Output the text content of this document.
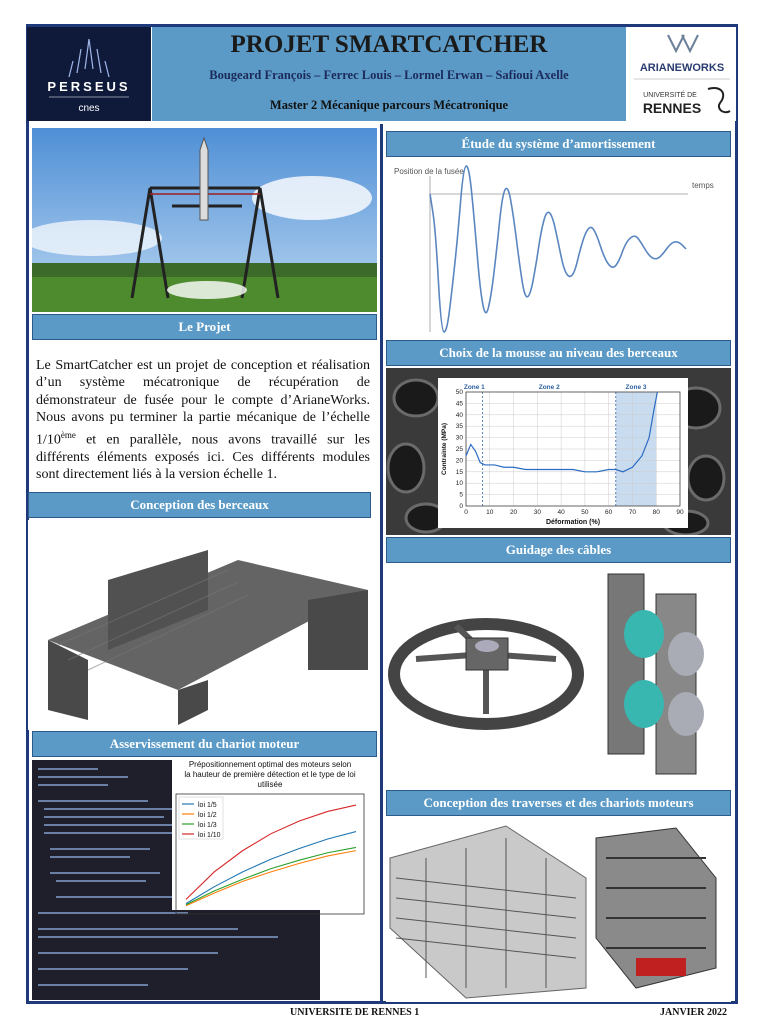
PERSEUS
cnes
PROJET SMARTCATCHER
Bougeard François – Ferrec Louis – Lormel Erwan – Safioui Axelle
Master 2 Mécanique parcours Mécatronique
ARIANEWORKS
UNIVERSITÉ DE
RENNES
Le Projet
Le SmartCatcher est un projet de conception et réalisation d’un système mécatronique de récupération de démonstrateur de fusée pour le compte d’ArianeWorks. Nous avons pu terminer la partie mécanique de l’échelle 1/10ème et en parallèle, nous avons travaillé sur les différents éléments exposés ici. Ces différents modules sont directement liés à la version échelle 1.
Conception des berceaux
Asservissement du chariot moteur
Prépositionnement optimal des moteurs selon
la hauteur de première détection et le type de loi utilisée
loi 1/5
loi 1/2
loi 1/3
loi 1/10
Étude du système d’amortissement
Position de la fusée
temps
Choix de la mousse au niveau des berceaux
Zone 1	Zone 2	Zone 3
0
5
10
15
20
25
30
35
40
45
50
0	10	20	30	40	50	60	70	80	90
Déformation (%)
Contrainte (MPa)
Guidage des câbles
Conception des traverses et des chariots moteurs
UNIVERSITE DE RENNES 1	JANVIER 2022
